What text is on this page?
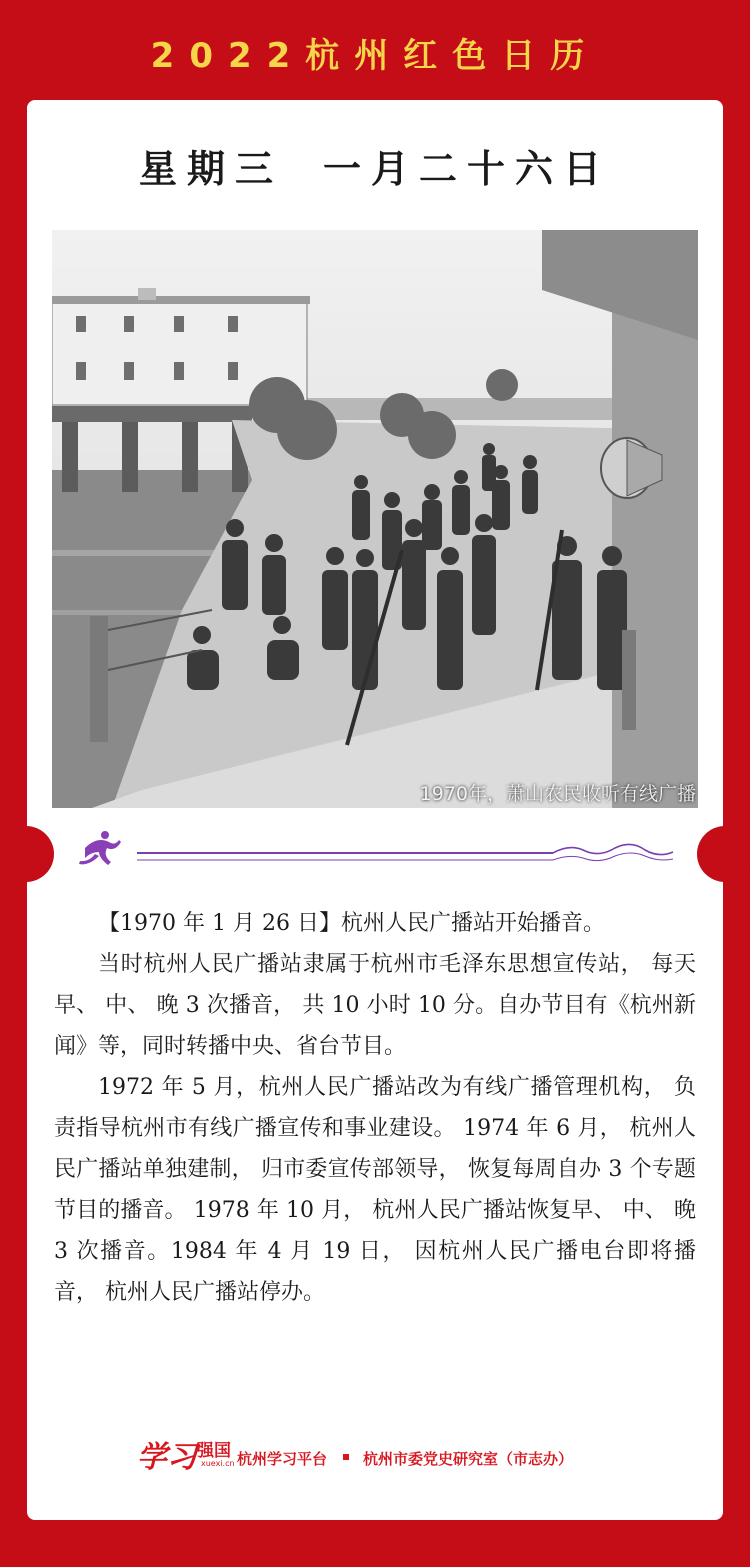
2022杭州红色日历
星期三 一月二十六日
1970年，萧山农民收听有线广播

【1970 年 1 月 26 日】杭州人民广播站开始播音。

当时杭州人民广播站隶属于杭州市毛泽东思想宣传站， 每天早、 中、 晚 3 次播音， 共 10 小时 10 分。自办节目有《杭州新闻》等，同时转播中央、省台节目。

1972 年 5 月，杭州人民广播站改为有线广播管理机构， 负责指导杭州市有线广播宣传和事业建设。 1974 年 6 月， 杭州人民广播站单独建制， 归市委宣传部领导， 恢复每周自办 3 个专题节目的播音。 1978 年 10 月， 杭州人民广播站恢复早、 中、 晚 3 次播音。1984 年 4 月 19 日， 因杭州人民广播电台即将播音， 杭州人民广播站停办。

学习 强国
xuexi.cn 杭州学习平台 杭州市委党史研究室（市志办）
